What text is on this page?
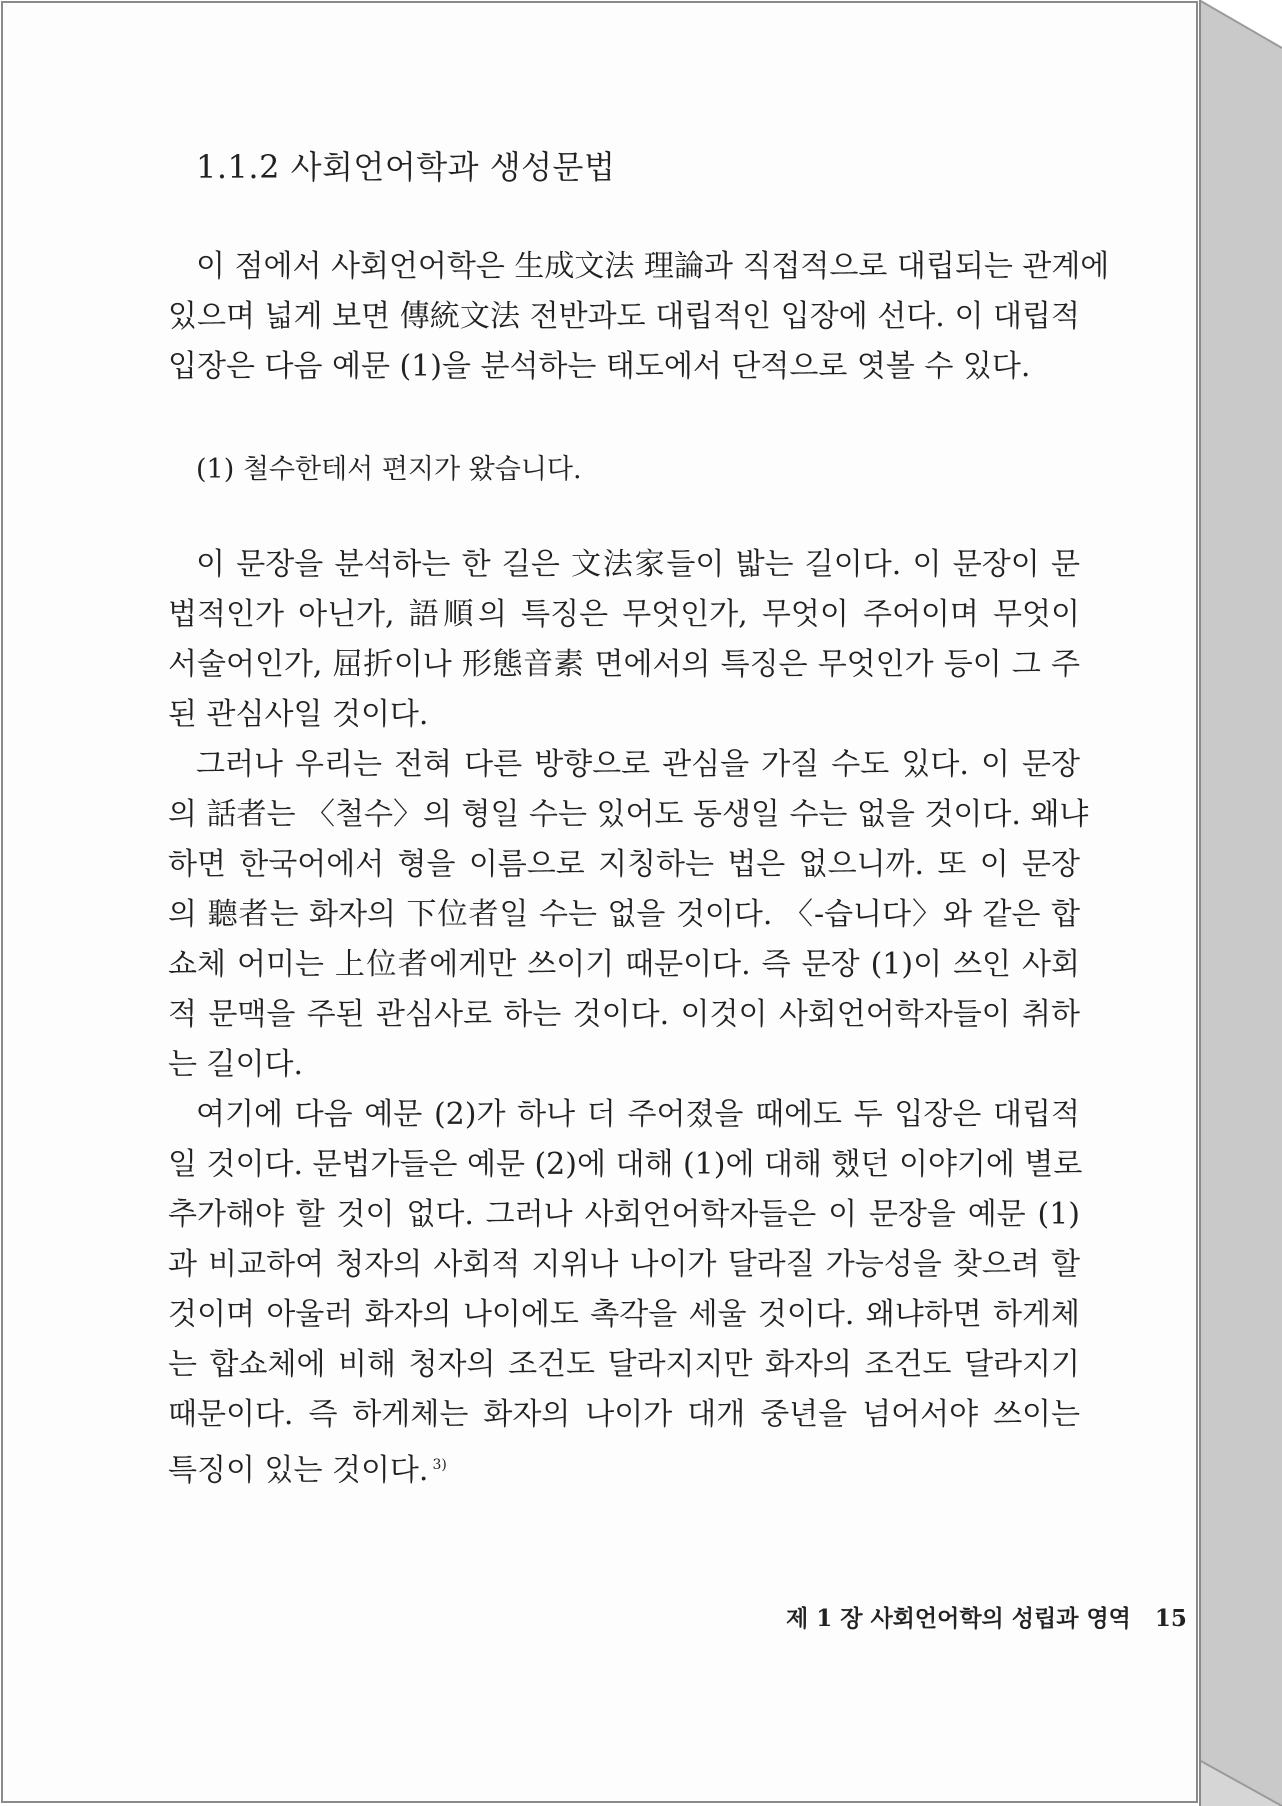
1.1.2 사회언어학과 생성문법
이 점에서 사회언어학은 生成文法 理論과 직접적으로 대립되는 관계에
있으며 넓게 보면 傳統文法 전반과도 대립적인 입장에 선다. 이 대립적
입장은 다음 예문 (1)을 분석하는 태도에서 단적으로 엿볼 수 있다.
(1) 철수한테서 편지가 왔습니다.
이 문장을 분석하는 한 길은 文法家들이 밟는 길이다. 이 문장이 문
법적인가 아닌가, 語順의 특징은 무엇인가, 무엇이 주어이며 무엇이
서술어인가, 屈折이나 形態音素 면에서의 특징은 무엇인가 등이 그 주
된 관심사일 것이다.
그러나 우리는 전혀 다른 방향으로 관심을 가질 수도 있다. 이 문장
의 話者는 〈철수〉의 형일 수는 있어도 동생일 수는 없을 것이다. 왜냐
하면 한국어에서 형을 이름으로 지칭하는 법은 없으니까. 또 이 문장
의 聽者는 화자의 下位者일 수는 없을 것이다. 〈-습니다〉와 같은 합
쇼체 어미는 上位者에게만 쓰이기 때문이다. 즉 문장 (1)이 쓰인 사회
적 문맥을 주된 관심사로 하는 것이다. 이것이 사회언어학자들이 취하
는 길이다.
여기에 다음 예문 (2)가 하나 더 주어졌을 때에도 두 입장은 대립적
일 것이다. 문법가들은 예문 (2)에 대해 (1)에 대해 했던 이야기에 별로
추가해야 할 것이 없다. 그러나 사회언어학자들은 이 문장을 예문 (1)
과 비교하여 청자의 사회적 지위나 나이가 달라질 가능성을 찾으려 할
것이며 아울러 화자의 나이에도 촉각을 세울 것이다. 왜냐하면 하게체
는 합쇼체에 비해 청자의 조건도 달라지지만 화자의 조건도 달라지기
때문이다. 즉 하게체는 화자의 나이가 대개 중년을 넘어서야 쓰이는
특징이 있는 것이다. $^{3)}$
제 1 장 사회언어학의 성립과 영역 15
